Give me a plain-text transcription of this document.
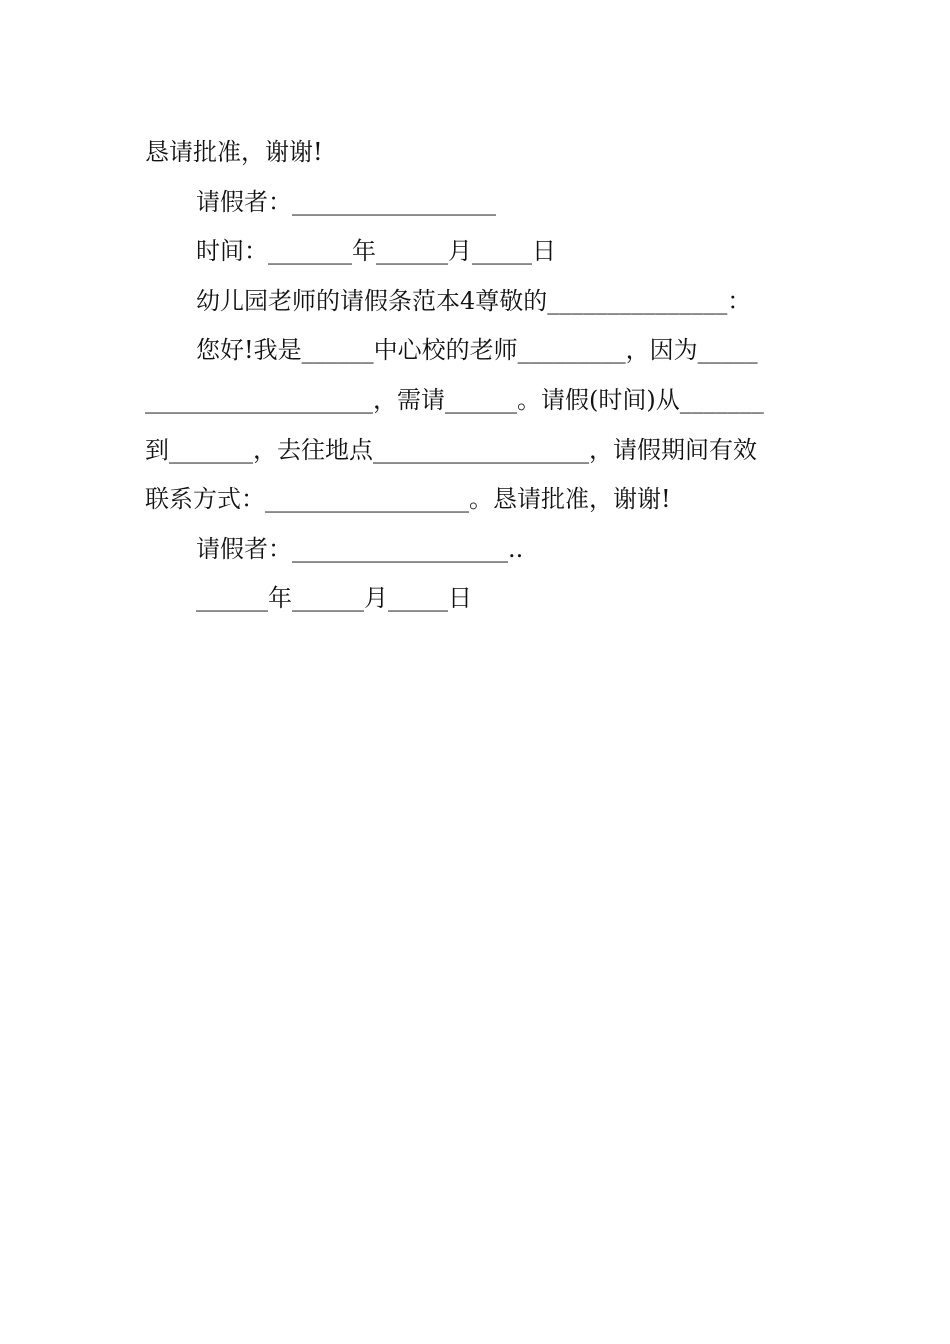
恳请批准，谢谢!
请假者：_________________
时间：_______年______月_____日
幼儿园老师的请假条范本4尊敬的_______________：
您好!我是______中心校的老师_________，因为_____
___________________，需请______。请假(时间)从_______
到_______，去往地点__________________，请假期间有效
联系方式：_________________。恳请批准，谢谢!
请假者：__________________..
______年______月_____日
